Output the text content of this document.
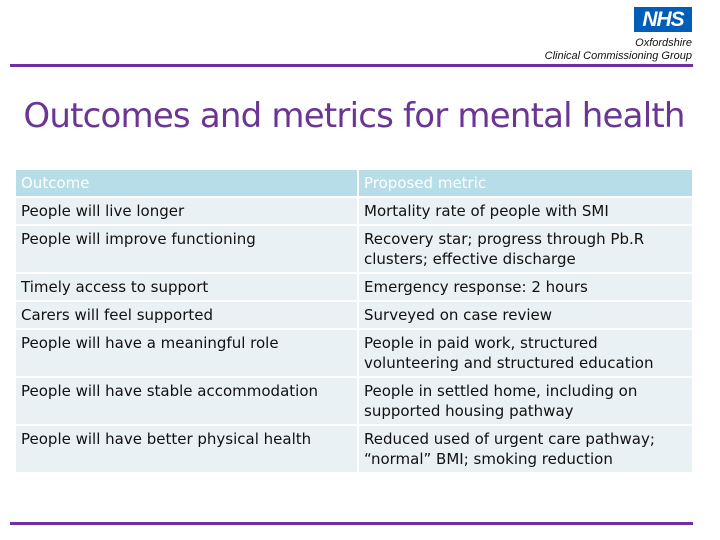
NHS
Oxfordshire
Clinical Commissioning Group
Outcomes and metrics for mental health
Outcome	Proposed metric
People will live longer	Mortality rate of people with SMI
People will improve functioning	Recovery star; progress through Pb.R clusters; effective discharge
Timely access to support	Emergency response: 2 hours
Carers will feel supported	Surveyed on case review
People will have a meaningful role	People in paid work, structured volunteering and structured education
People will have stable accommodation	People in settled home, including on supported housing pathway
People will have better physical health	Reduced used of urgent care pathway; “normal” BMI; smoking reduction
